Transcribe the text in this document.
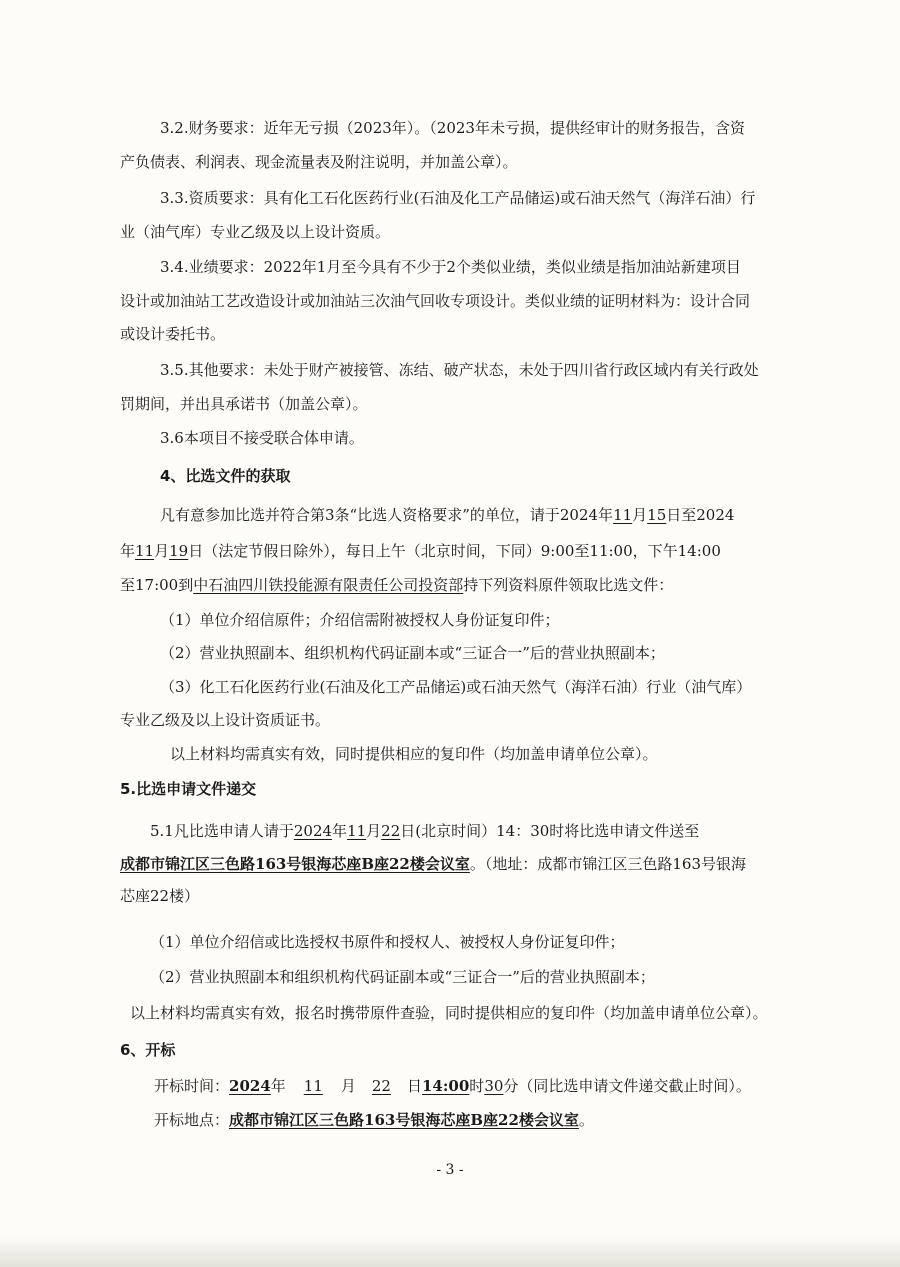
3.2.财务要求：近年无亏损（2023年）。（2023年未亏损，提供经审计的财务报告，含资
产负债表、利润表、现金流量表及附注说明，并加盖公章）。
3.3.资质要求：具有化工石化医药行业(石油及化工产品储运)或石油天然气（海洋石油）行
业（油气库）专业乙级及以上设计资质。
3.4.业绩要求：2022年1月至今具有不少于2个类似业绩，类似业绩是指加油站新建项目
设计或加油站工艺改造设计或加油站三次油气回收专项设计。类似业绩的证明材料为：设计合同
或设计委托书。
3.5.其他要求：未处于财产被接管、冻结、破产状态，未处于四川省行政区域内有关行政处
罚期间，并出具承诺书（加盖公章）。
3.6本项目不接受联合体申请。
4、比选文件的获取
凡有意参加比选并符合第3条“比选人资格要求”的单位，请于2024年11月15日至2024
年11月19日（法定节假日除外），每日上午（北京时间，下同）9:00至11:00，下午14:00
至17:00到中石油四川铁投能源有限责任公司投资部持下列资料原件领取比选文件：
（1）单位介绍信原件；介绍信需附被授权人身份证复印件；
（2）营业执照副本、组织机构代码证副本或“三证合一”后的营业执照副本；
（3）化工石化医药行业(石油及化工产品储运)或石油天然气（海洋石油）行业（油气库）
专业乙级及以上设计资质证书。
以上材料均需真实有效，同时提供相应的复印件（均加盖申请单位公章）。
5.比选申请文件递交
5.1凡比选申请人请于2024年11月22日(北京时间）14：30时将比选申请文件送至
成都市锦江区三色路163号银海芯座B座22楼会议室。（地址：成都市锦江区三色路163号银海
芯座22楼）
（1）单位介绍信或比选授权书原件和授权人、被授权人身份证复印件；
（2）营业执照副本和组织机构代码证副本或“三证合一”后的营业执照副本；
以上材料均需真实有效，报名时携带原件查验，同时提供相应的复印件（均加盖申请单位公章）。
6、开标
开标时间：2024年 11 月 22 日14:00时30分（同比选申请文件递交截止时间）。
开标地点：成都市锦江区三色路163号银海芯座B座22楼会议室。
- 3 -
